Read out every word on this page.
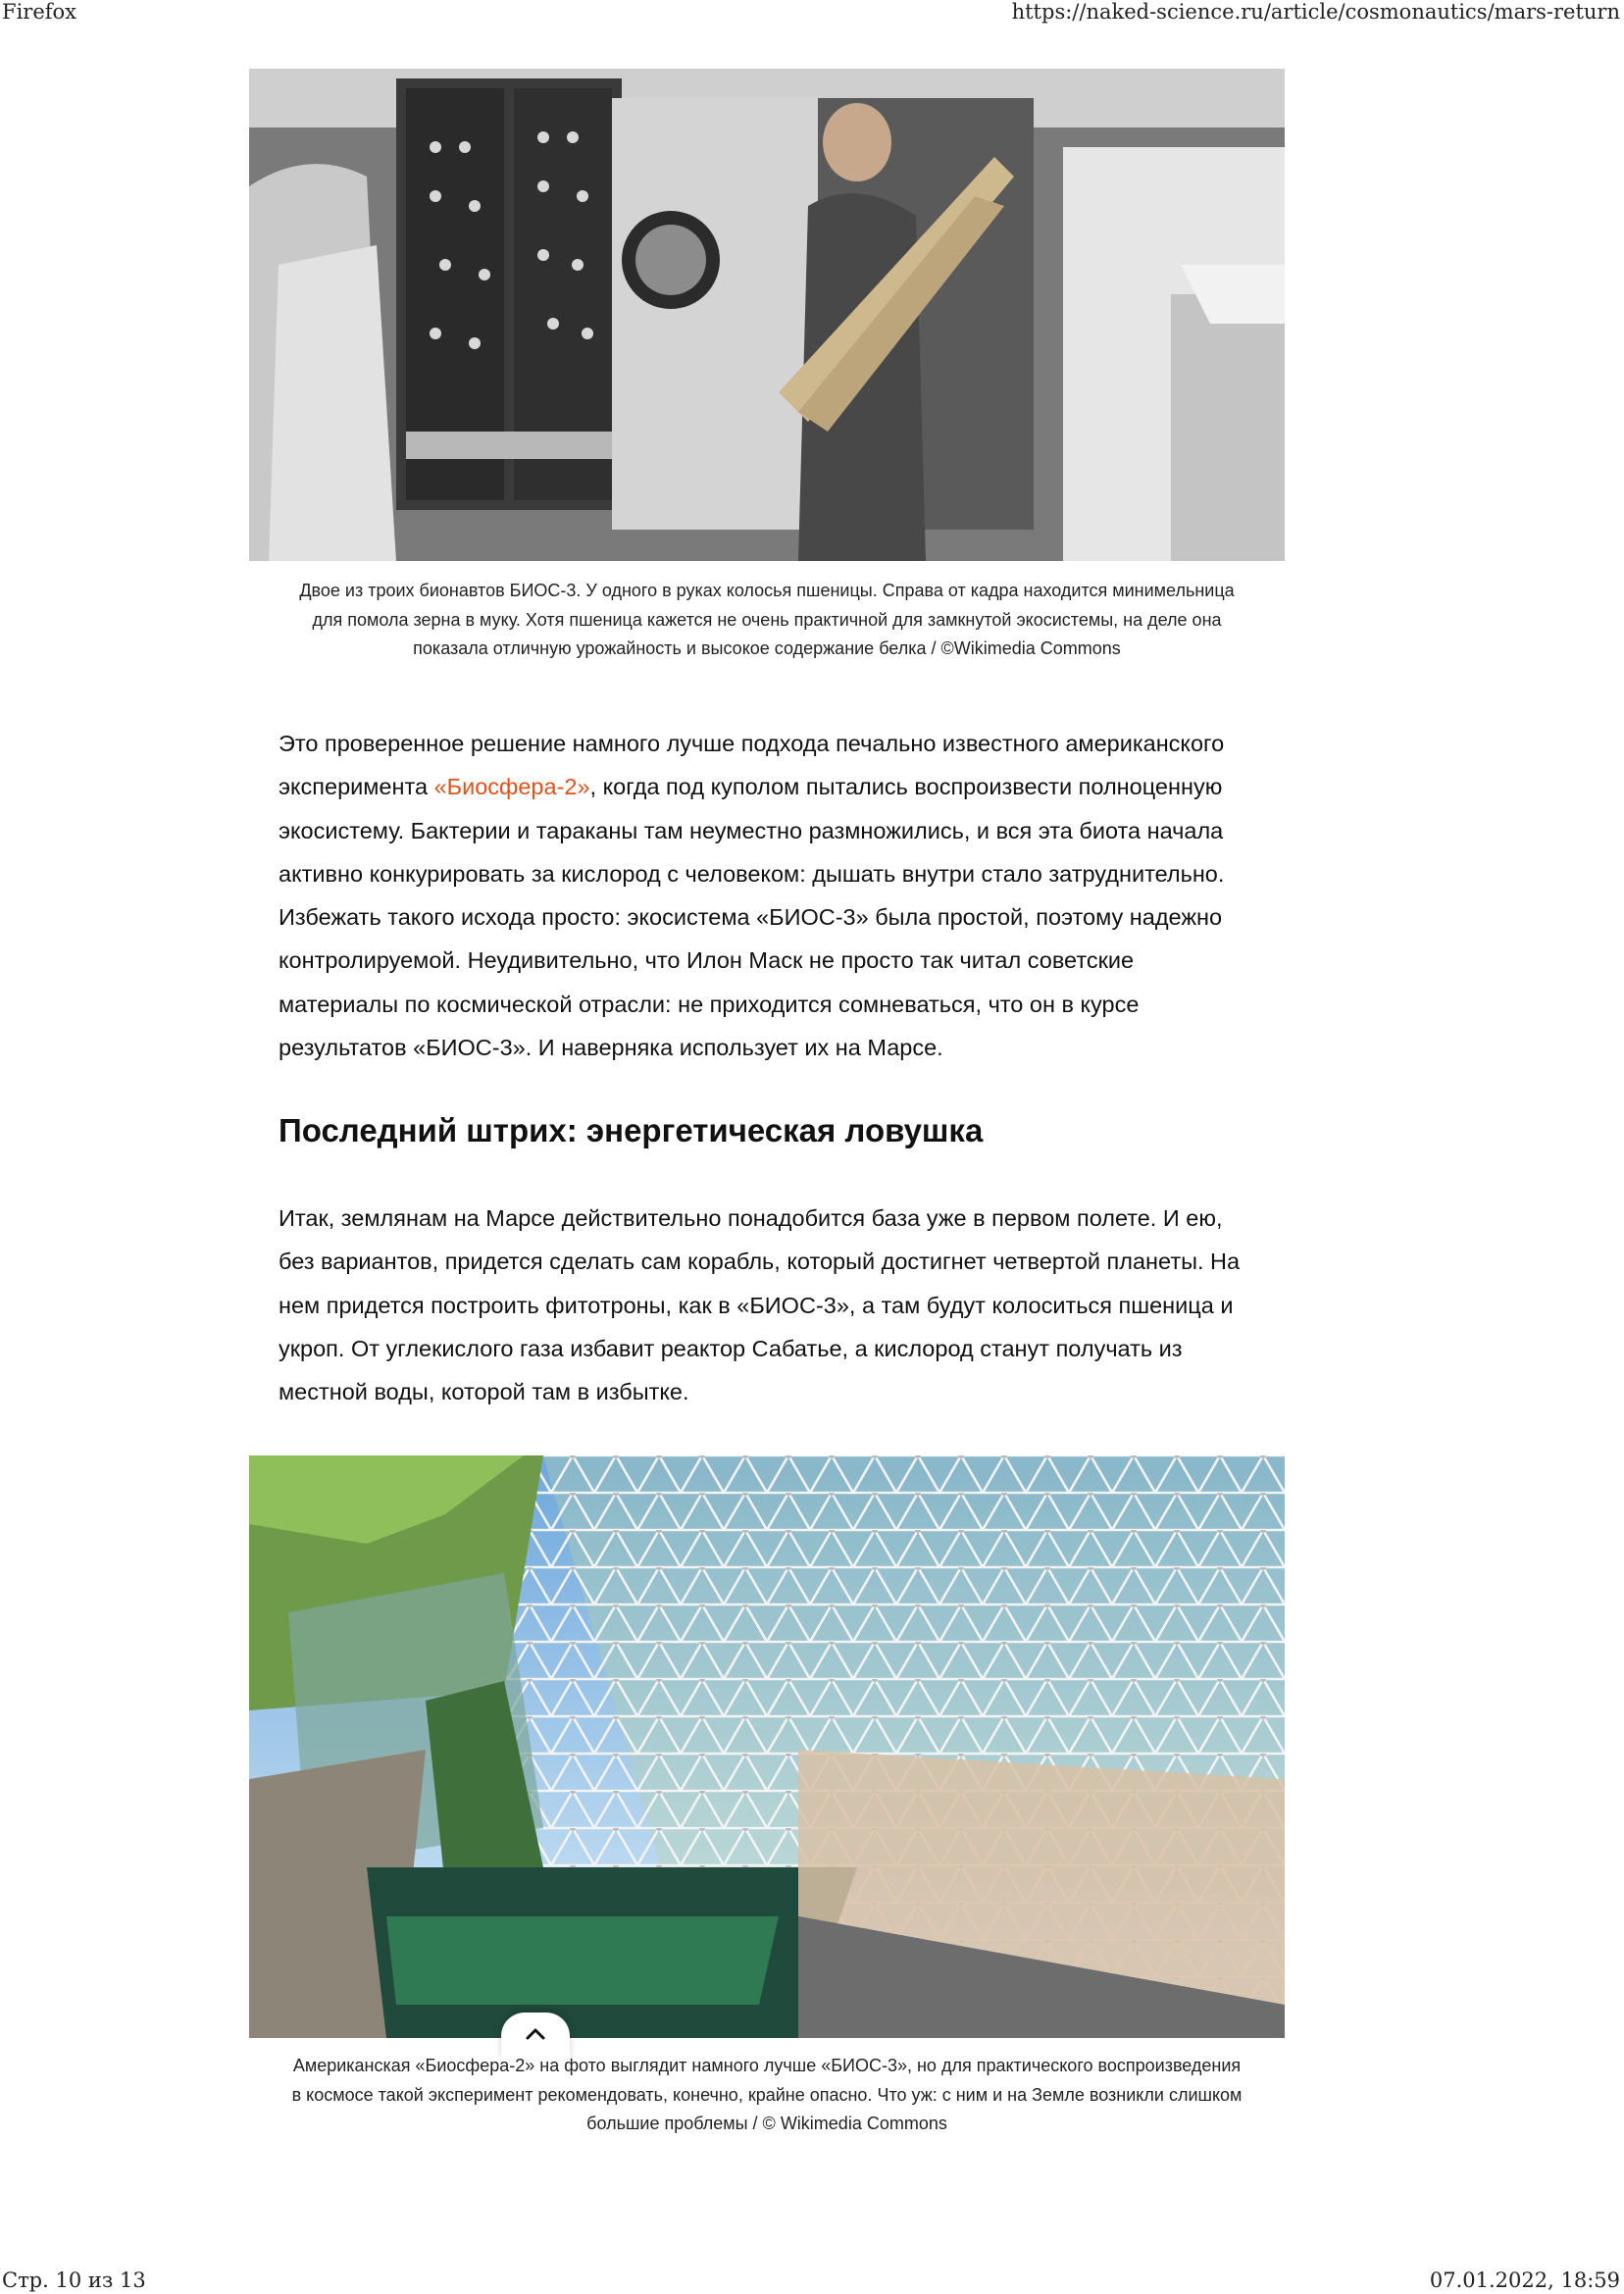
Firefox	https://naked-science.ru/article/cosmonautics/mars-return
Двое из троих бионавтов БИОС-3. У одного в руках колосья пшеницы. Справа от кадра находится минимельница
для помола зерна в муку. Хотя пшеница кажется не очень практичной для замкнутой экосистемы, на деле она
показала отличную урожайность и высокое содержание белка / ©Wikimedia Commons
Это проверенное решение намного лучше подхода печально известного американского
эксперимента «Биосфера-2», когда под куполом пытались воспроизвести полноценную
экосистему. Бактерии и тараканы там неуместно размножились, и вся эта биота начала
активно конкурировать за кислород с человеком: дышать внутри стало затруднительно.
Избежать такого исхода просто: экосистема «БИОС-3» была простой, поэтому надежно
контролируемой. Неудивительно, что Илон Маск не просто так читал советские
материалы по космической отрасли: не приходится сомневаться, что он в курсе
результатов «БИОС-3». И наверняка использует их на Марсе.
Последний штрих: энергетическая ловушка
Итак, землянам на Марсе действительно понадобится база уже в первом полете. И ею,
без вариантов, придется сделать сам корабль, который достигнет четвертой планеты. На
нем придется построить фитотроны, как в «БИОС-3», а там будут колоситься пшеница и
укроп. От углекислого газа избавит реактор Сабатье, а кислород станут получать из
местной воды, которой там в избытке.
Американская «Биосфера-2» на фото выглядит намного лучше «БИОС-3», но для практического воспроизведения
в космосе такой эксперимент рекомендовать, конечно, крайне опасно. Что уж: с ним и на Земле возникли слишком
большие проблемы / © Wikimedia Commons
Стр. 10 из 13	07.01.2022, 18:59
